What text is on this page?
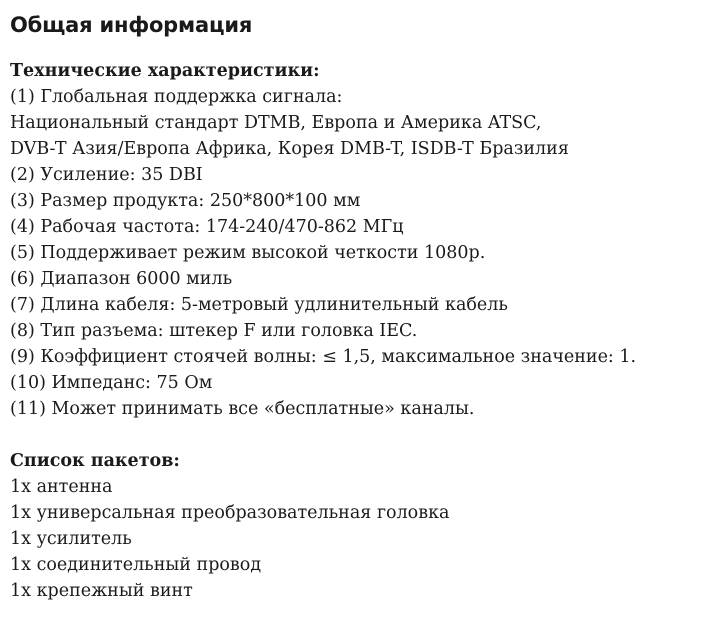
Общая информация
Технические характеристики:
(1) Глобальная поддержка сигнала:
Национальный стандарт DTMB, Европа и Америка ATSC,
DVB-T Азия/Европа Африка, Корея DMB-T, ISDB-T Бразилия
(2) Усиление: 35 DBI
(3) Размер продукта: 250*800*100 мм
(4) Рабочая частота: 174-240/470-862 МГц
(5) Поддерживает режим высокой четкости 1080p.
(6) Диапазон 6000 миль
(7) Длина кабеля: 5-метровый удлинительный кабель
(8) Тип разъема: штекер F или головка IEC.
(9) Коэффициент стоячей волны: ≤ 1,5, максимальное значение: 1.
(10) Импеданс: 75 Ом
(11) Может принимать все «бесплатные» каналы.
Список пакетов:
1x антенна
1x универсальная преобразовательная головка
1x усилитель
1x соединительный провод
1x крепежный винт
